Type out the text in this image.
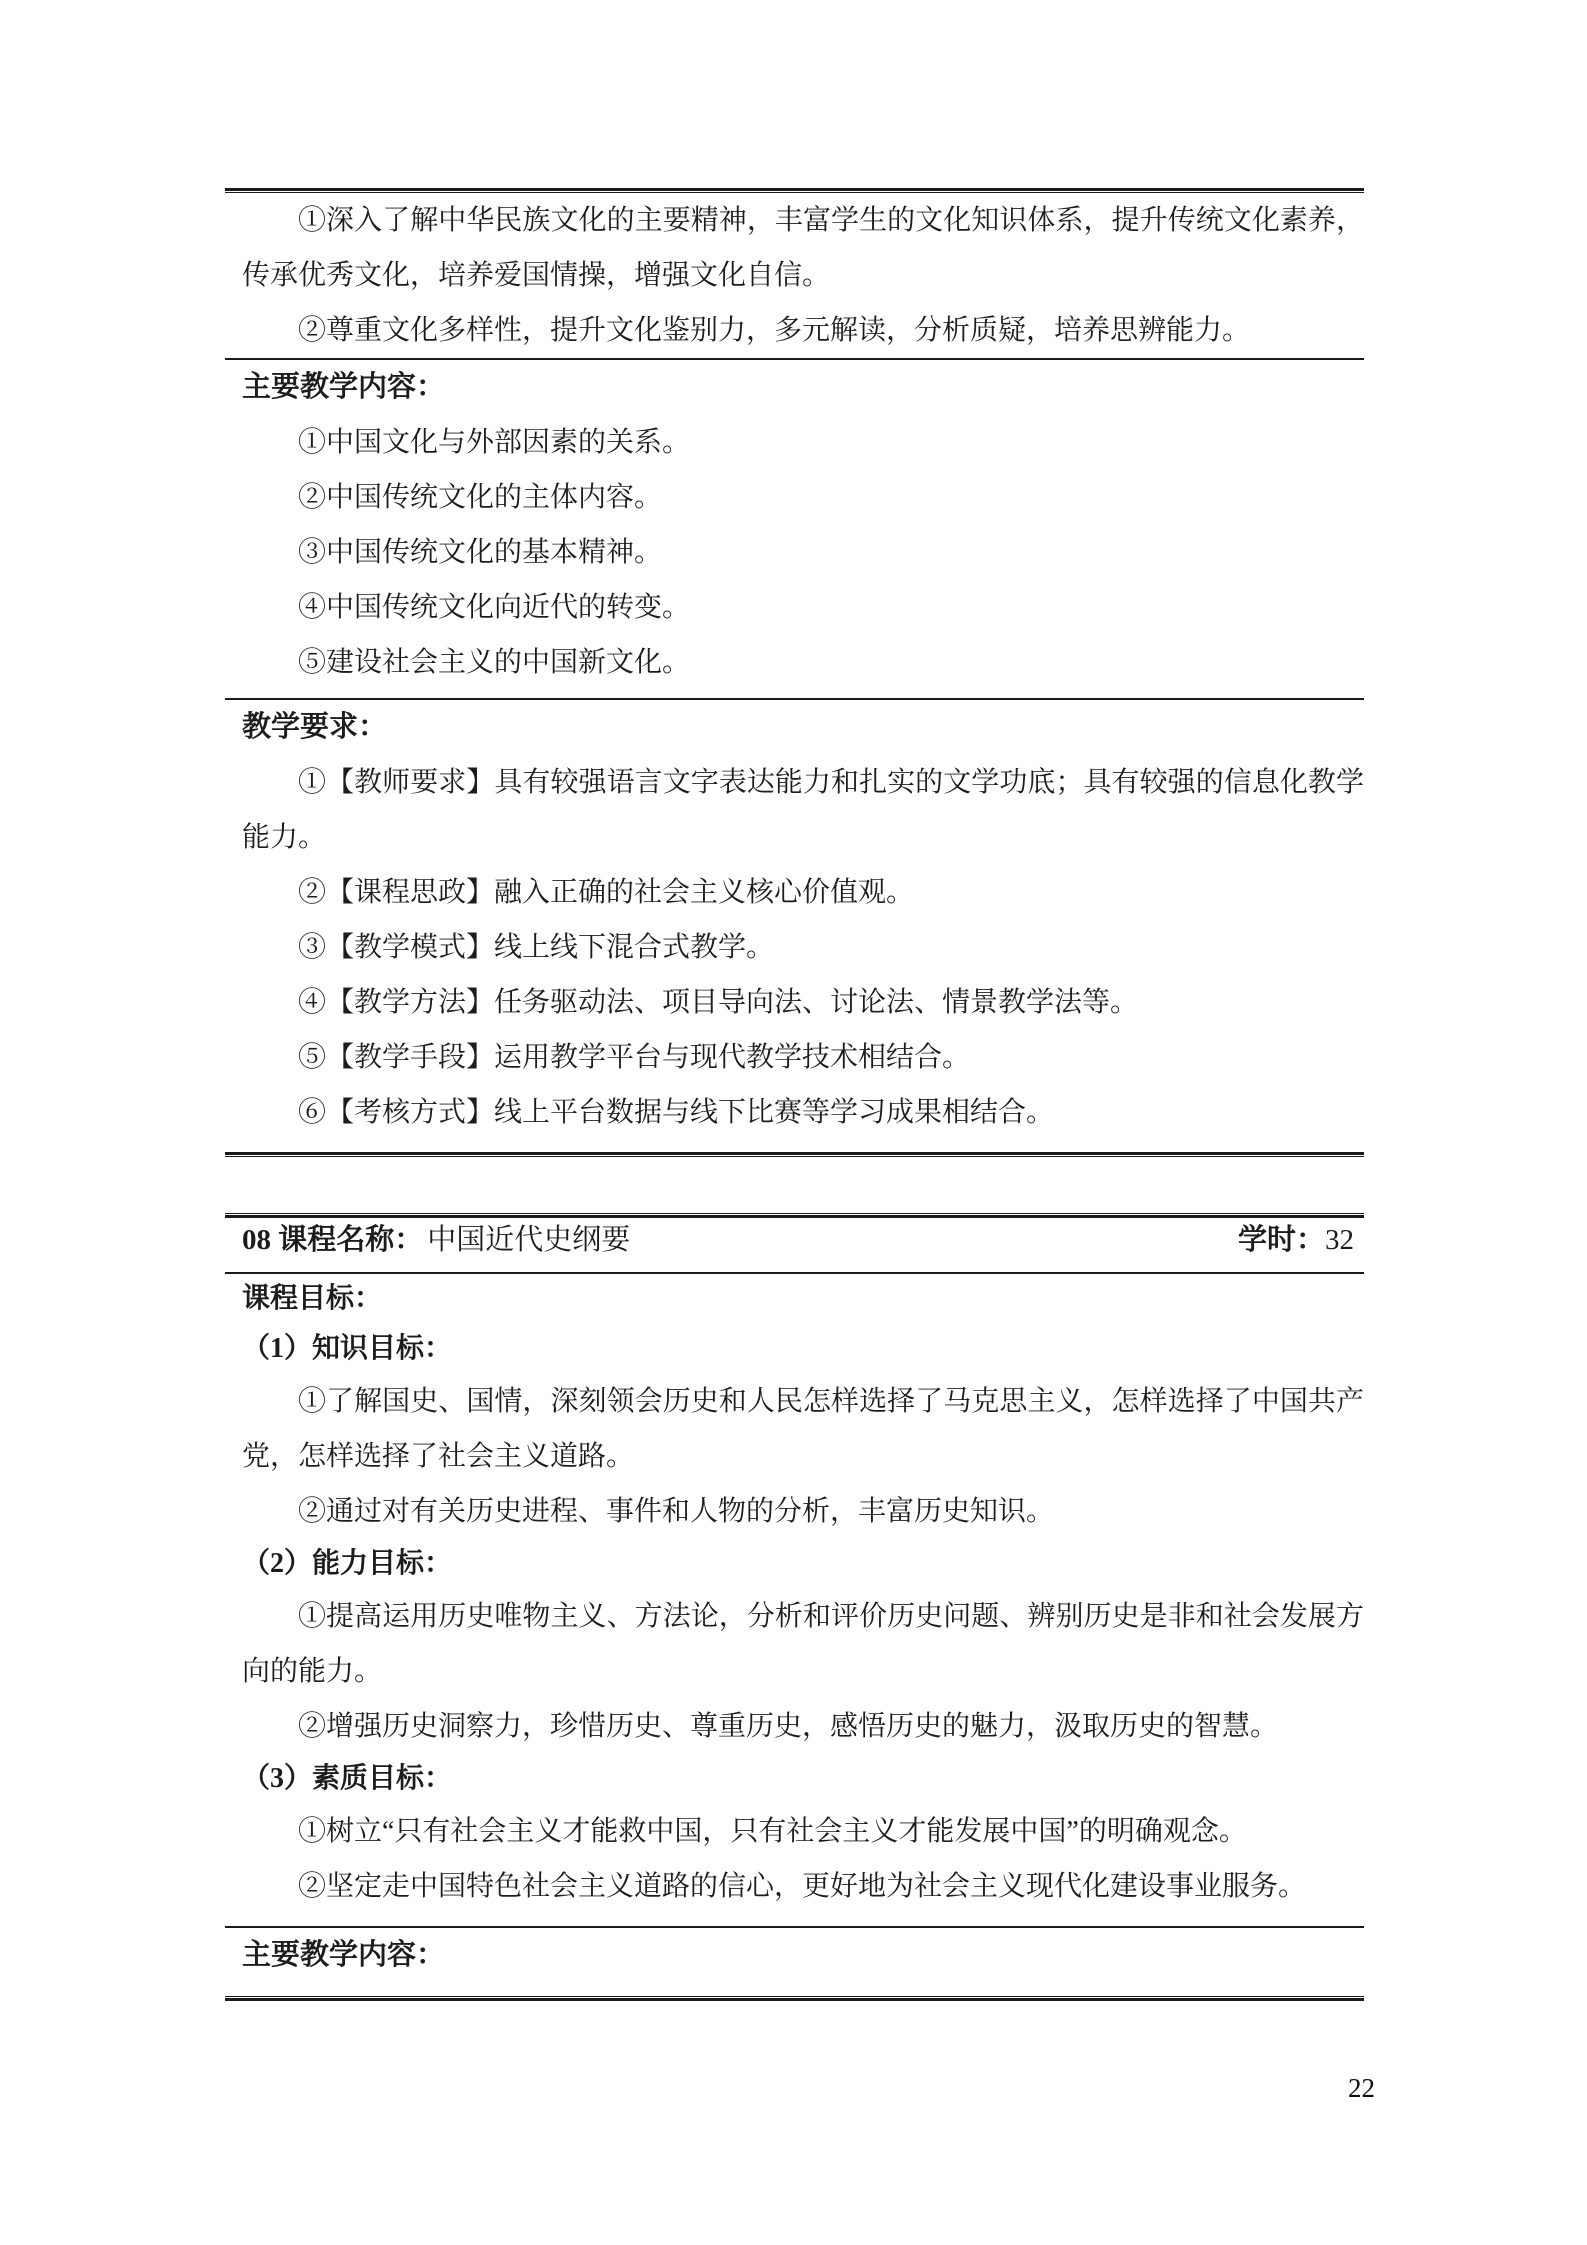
①深入了解中华民族文化的主要精神，丰富学生的文化知识体系，提升传统文化素养，传承优秀文化，培养爱国情操，增强文化自信。

②尊重文化多样性，提升文化鉴别力，多元解读，分析质疑，培养思辨能力。

主要教学内容：

①中国文化与外部因素的关系。

②中国传统文化的主体内容。

③中国传统文化的基本精神。

④中国传统文化向近代的转变。

⑤建设社会主义的中国新文化。

教学要求：

①【教师要求】具有较强语言文字表达能力和扎实的文学功底；具有较强的信息化教学能力。

②【课程思政】融入正确的社会主义核心价值观。

③【教学模式】线上线下混合式教学。

④【教学方法】任务驱动法、项目导向法、讨论法、情景教学法等。

⑤【教学手段】运用教学平台与现代教学技术相结合。

⑥【考核方式】线上平台数据与线下比赛等学习成果相结合。

08 课程名称： 中国近代史纲要	学时：32
课程目标：
（1）知识目标：

①了解国史、国情，深刻领会历史和人民怎样选择了马克思主义，怎样选择了中国共产党，怎样选择了社会主义道路。

②通过对有关历史进程、事件和人物的分析，丰富历史知识。

（2）能力目标：

①提高运用历史唯物主义、方法论，分析和评价历史问题、辨别历史是非和社会发展方向的能力。

②增强历史洞察力，珍惜历史、尊重历史，感悟历史的魅力，汲取历史的智慧。

（3）素质目标：

①树立“只有社会主义才能救中国，只有社会主义才能发展中国”的明确观念。

②坚定走中国特色社会主义道路的信心，更好地为社会主义现代化建设事业服务。

主要教学内容：
22
